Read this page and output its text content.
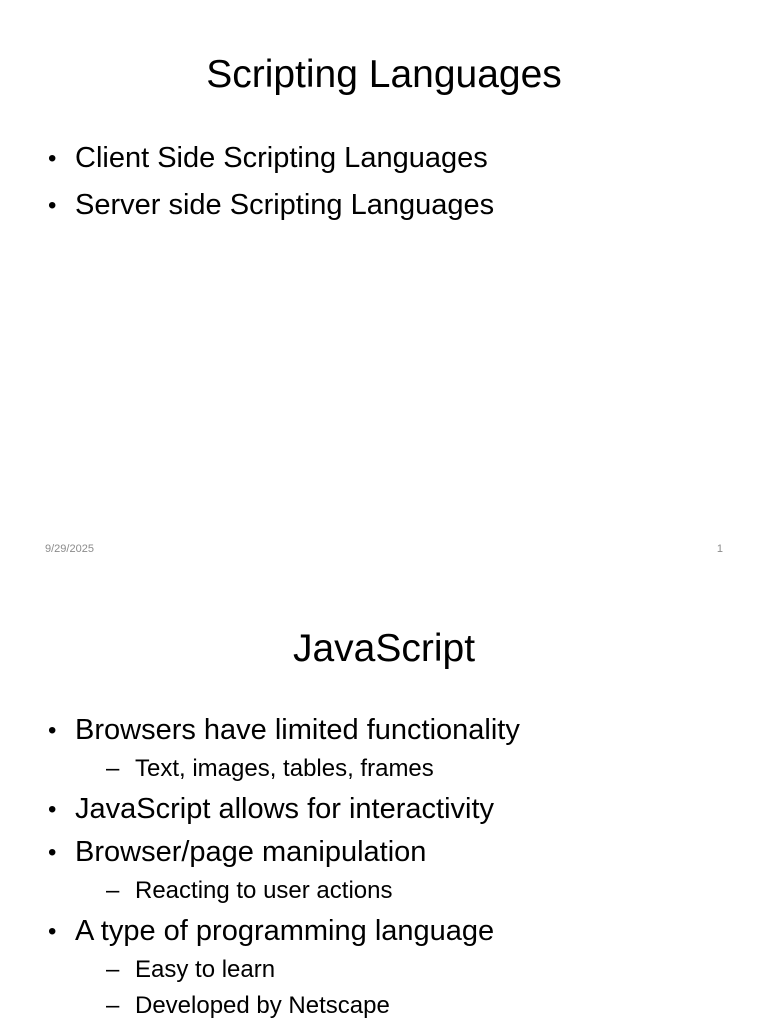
Scripting Languages
• Client Side Scripting Languages
• Server side Scripting Languages
9/29/2025	1
JavaScript
• Browsers have limited functionality
– Text, images, tables, frames
• JavaScript allows for interactivity
• Browser/page manipulation
– Reacting to user actions
• A type of programming language
– Easy to learn
– Developed by Netscape
